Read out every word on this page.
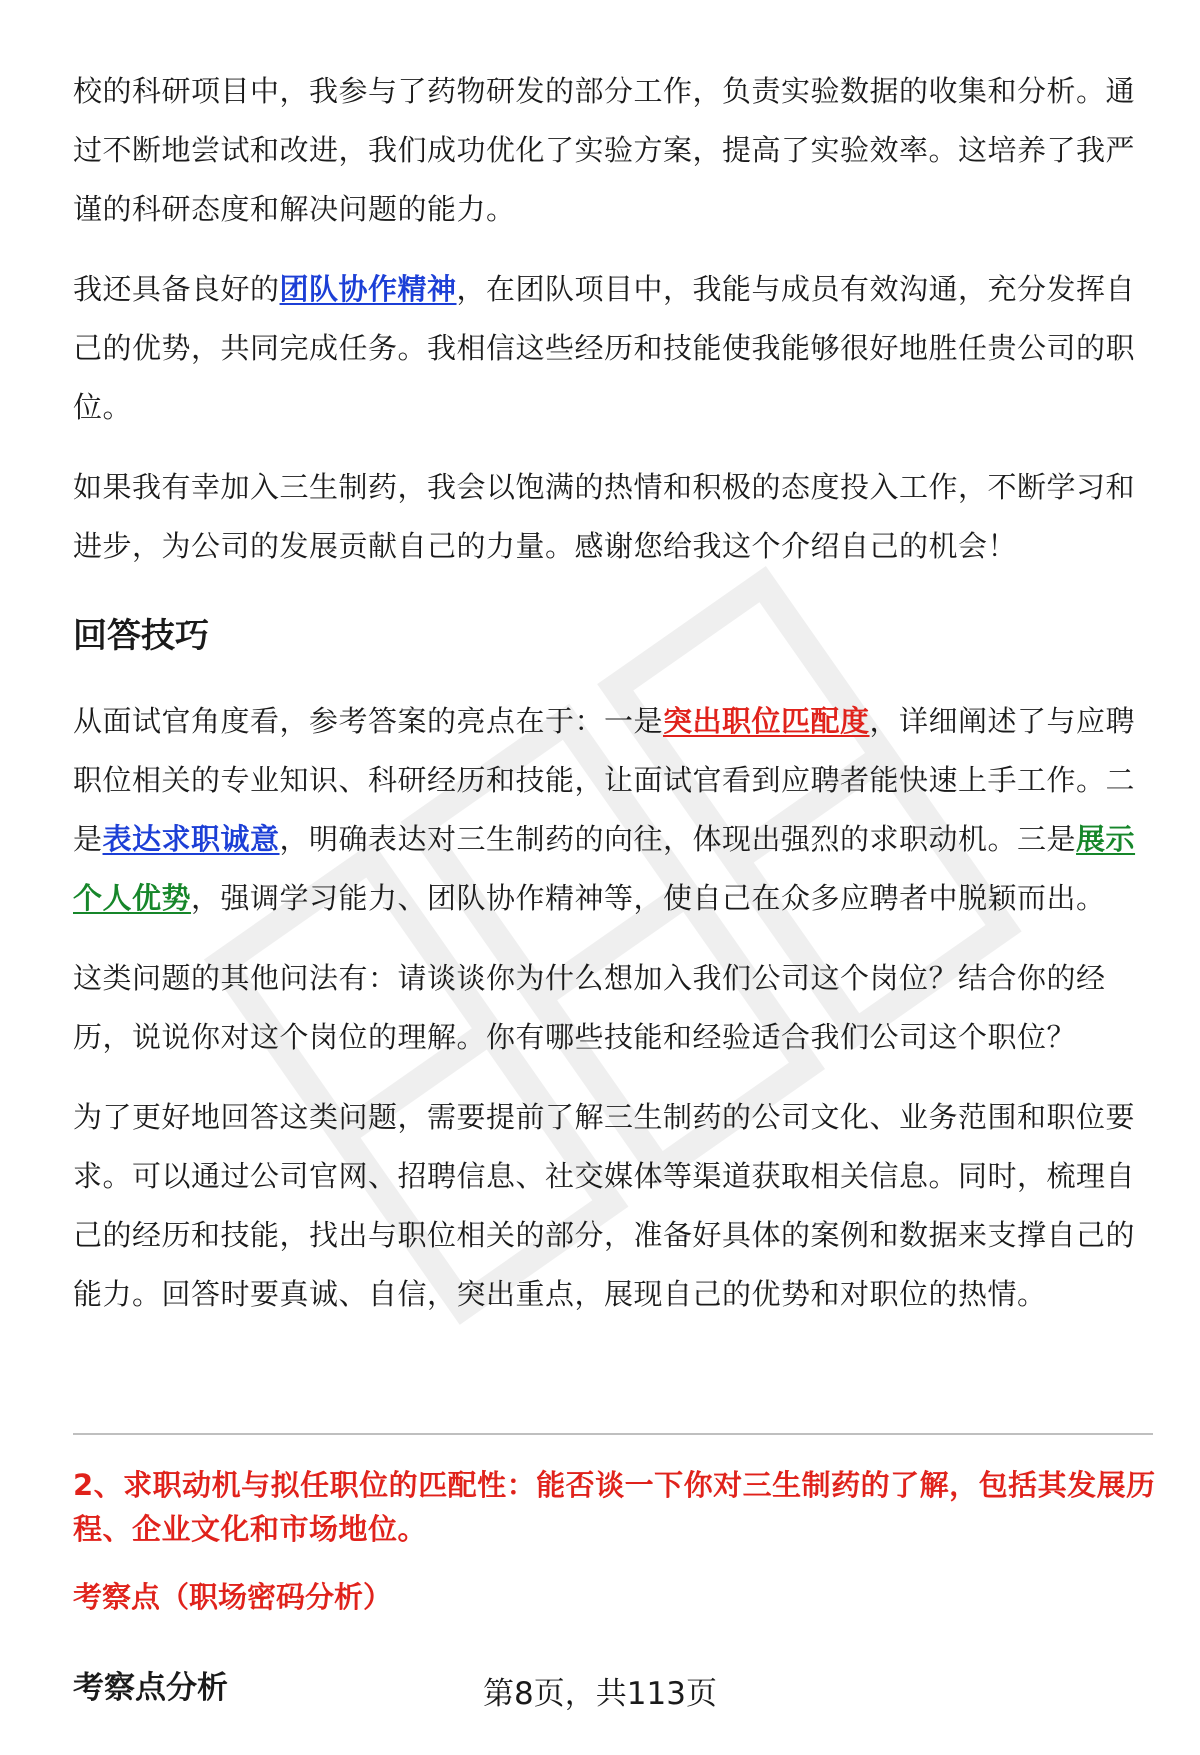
校的科研项目中，我参与了药物研发的部分工作，负责实验数据的收集和分析。通过不断地尝试和改进，我们成功优化了实验方案，提高了实验效率。这培养了我严谨的科研态度和解决问题的能力。

我还具备良好的团队协作精神，在团队项目中，我能与成员有效沟通，充分发挥自己的优势，共同完成任务。我相信这些经历和技能使我能够很好地胜任贵公司的职位。

如果我有幸加入三生制药，我会以饱满的热情和积极的态度投入工作，不断学习和进步，为公司的发展贡献自己的力量。感谢您给我这个介绍自己的机会！

回答技巧

从面试官角度看，参考答案的亮点在于：一是突出职位匹配度，详细阐述了与应聘职位相关的专业知识、科研经历和技能，让面试官看到应聘者能快速上手工作。二是表达求职诚意，明确表达对三生制药的向往，体现出强烈的求职动机。三是展示个人优势，强调学习能力、团队协作精神等，使自己在众多应聘者中脱颖而出。

这类问题的其他问法有：请谈谈你为什么想加入我们公司这个岗位？结合你的经历，说说你对这个岗位的理解。你有哪些技能和经验适合我们公司这个职位？

为了更好地回答这类问题，需要提前了解三生制药的公司文化、业务范围和职位要求。可以通过公司官网、招聘信息、社交媒体等渠道获取相关信息。同时，梳理自己的经历和技能，找出与职位相关的部分，准备好具体的案例和数据来支撑自己的能力。回答时要真诚、自信，突出重点，展现自己的优势和对职位的热情。

2、求职动机与拟任职位的匹配性：能否谈一下你对三生制药的了解，包括其发展历程、企业文化和市场地位。
考察点（职场密码分析）
考察点分析	第8页，共113页
